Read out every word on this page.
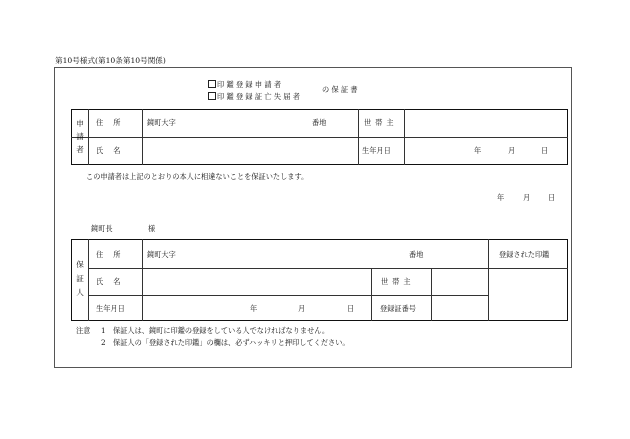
第10号様式(第10条第10号関係)
印 鑑 登 録 申 請 者
印 鑑 登 録 証 亡 失 届 者
の 保 証 書
申請者
住所 鏡町大字	番地	世帯主
氏名	生年月日	年	月	日
この申請者は上記のとおりの本人に相違ないことを保証いたします。
年	月 日
鏡町長	様
保証人
住所 鏡町大字	番地	登録された印鑑
氏名	世帯主
生年月日	年	月	日	登録証番号
注意 1 保証人は、鏡町に印鑑の登録をしている人でなければなりません。
2 保証人の「登録された印鑑」の欄は、必ずハッキリと押印してください。
